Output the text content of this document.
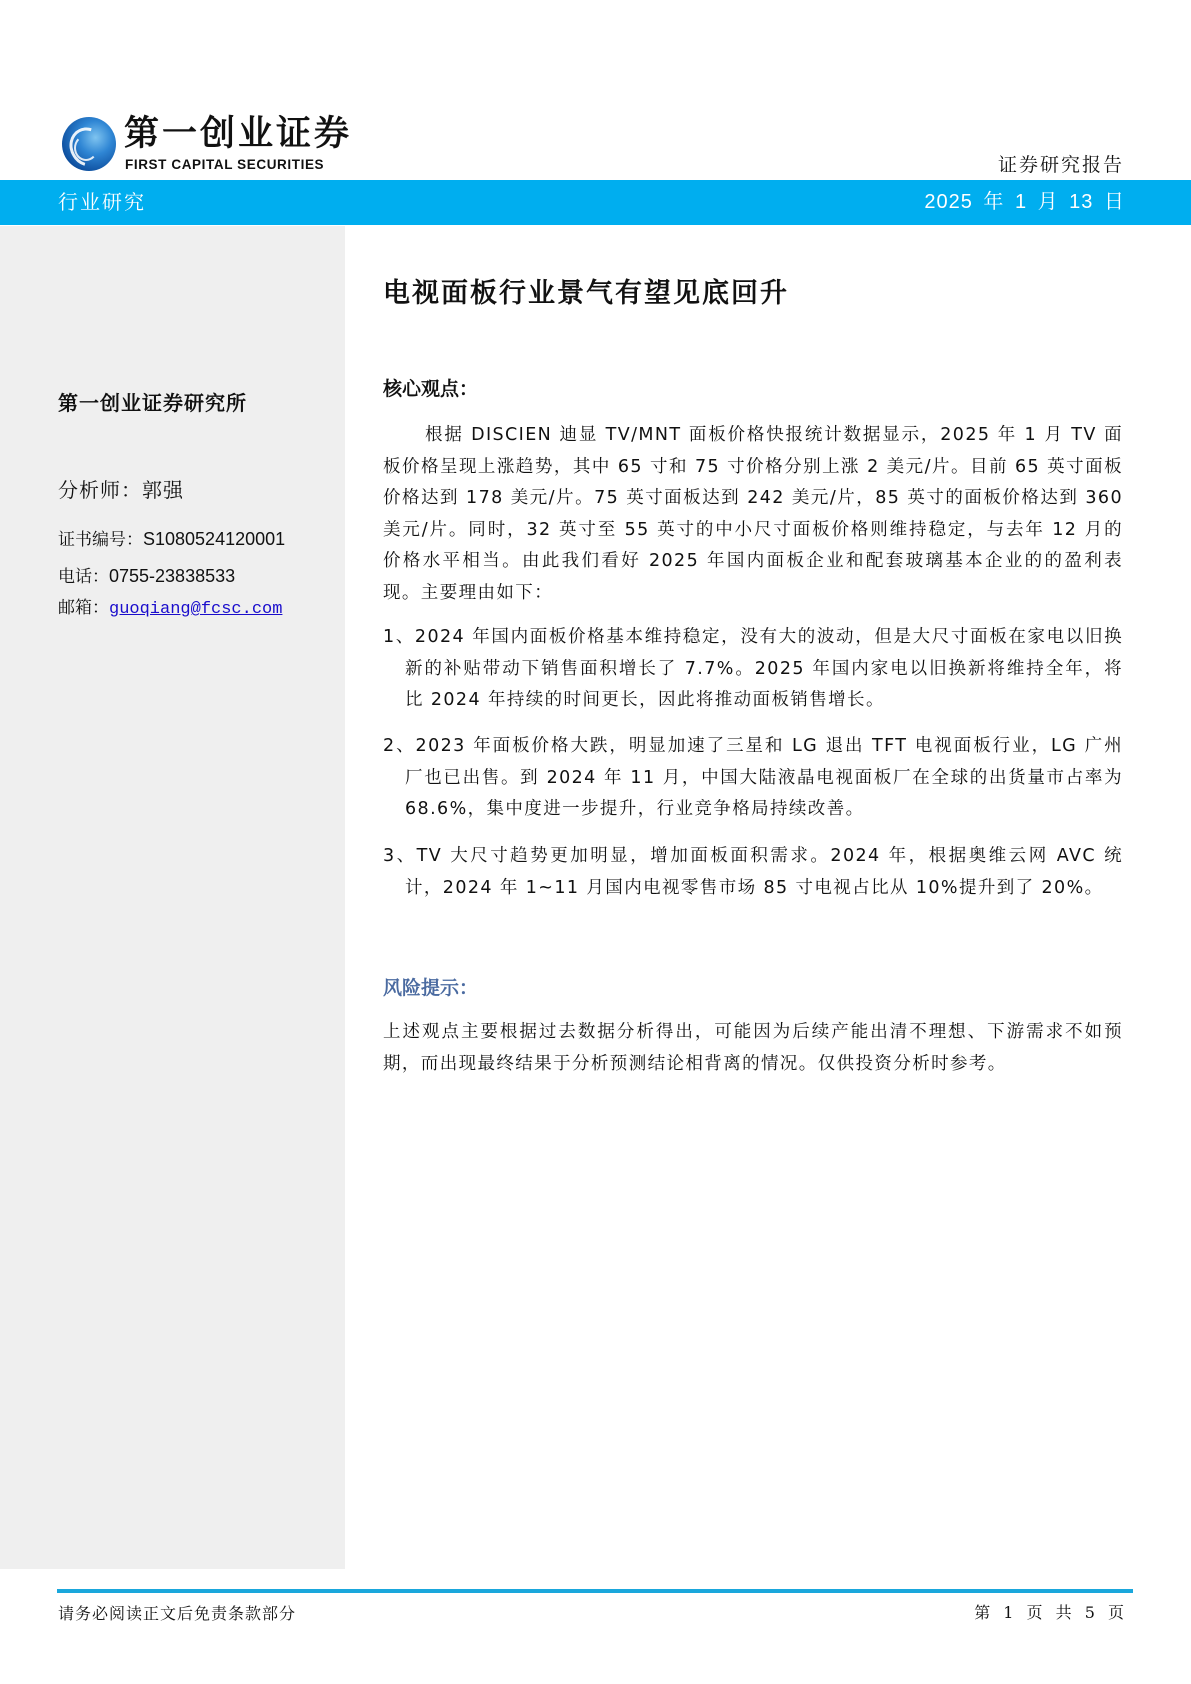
第一创业证券
FIRST CAPITAL SECURITIES	证券研究报告
行业研究	2025 年 1 月 13 日
第一创业证券研究所
分析师：郭强
证书编号：S1080524120001
电话：0755-23838533
邮箱：guoqiang@fcsc.com
电视面板行业景气有望见底回升
核心观点：
根据 DISCIEN 迪显 TV/MNT 面板价格快报统计数据显示，2025 年 1 月 TV 面板价格呈现上涨趋势，其中 65 寸和 75 寸价格分别上涨 2 美元/片。目前 65 英寸面板价格达到 178 美元/片。75 英寸面板达到 242 美元/片，85 英寸的面板价格达到 360 美元/片。同时，32 英寸至 55 英寸的中小尺寸面板价格则维持稳定，与去年 12 月的价格水平相当。由此我们看好 2025 年国内面板企业和配套玻璃基本企业的的盈利表现。主要理由如下：
1、2024 年国内面板价格基本维持稳定，没有大的波动，但是大尺寸面板在家电以旧换新的补贴带动下销售面积增长了 7.7%。2025 年国内家电以旧换新将维持全年，将比 2024 年持续的时间更长，因此将推动面板销售增长。
2、2023 年面板价格大跌，明显加速了三星和 LG 退出 TFT 电视面板行业，LG 广州厂也已出售。到 2024 年 11 月，中国大陆液晶电视面板厂在全球的出货量市占率为 68.6%，集中度进一步提升，行业竞争格局持续改善。
3、TV 大尺寸趋势更加明显，增加面板面积需求。2024 年，根据奥维云网 AVC 统计，2024 年 1~11 月国内电视零售市场 85 寸电视占比从 10%提升到了 20%。
风险提示：
上述观点主要根据过去数据分析得出，可能因为后续产能出清不理想、下游需求不如预期，而出现最终结果于分析预测结论相背离的情况。仅供投资分析时参考。
请务必阅读正文后免责条款部分	第 1 页 共 5 页
